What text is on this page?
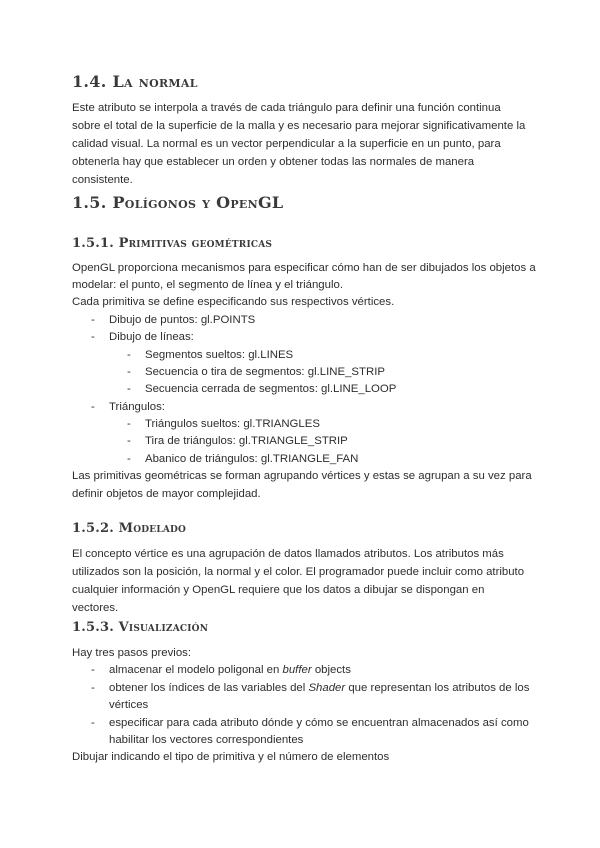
1.4. La normal

Este atributo se interpola a través de cada triángulo para definir una función continua sobre el total de la superficie de la malla y es necesario para mejorar significativamente la calidad visual. La normal es un vector perpendicular a la superficie en un punto, para obtenerla hay que establecer un orden y obtener todas las normales de manera consistente.

1.5. Polígonos y OpenGL
1.5.1. Primitivas geométricas
OpenGL proporciona mecanismos para especificar cómo han de ser dibujados los objetos a
modelar: el punto, el segmento de línea y el triángulo.
Cada primitiva se define especificando sus respectivos vértices.
- Dibujo de puntos: gl.POINTS
- Dibujo de líneas:
- Segmentos sueltos: gl.LINES
- Secuencia o tira de segmentos: gl.LINE_STRIP
- Secuencia cerrada de segmentos: gl.LINE_LOOP
- Triángulos:
- Triángulos sueltos: gl.TRIANGLES
- Tira de triángulos: gl.TRIANGLE_STRIP
- Abanico de triángulos: gl.TRIANGLE_FAN

Las primitivas geométricas se forman agrupando vértices y estas se agrupan a su vez para definir objetos de mayor complejidad.

1.5.2. Modelado

El concepto vértice es una agrupación de datos llamados atributos. Los atributos más utilizados son la posición, la normal y el color. El programador puede incluir como atributo cualquier información y OpenGL requiere que los datos a dibujar se dispongan en vectores.

1.5.3. Visualización
Hay tres pasos previos:
- almacenar el modelo poligonal en buffer objects
- obtener los índices de las variables del Shader que representan los atributos de los
vértices
- especificar para cada atributo dónde y cómo se encuentran almacenados así como
habilitar los vectores correspondientes
Dibujar indicando el tipo de primitiva y el número de elementos
